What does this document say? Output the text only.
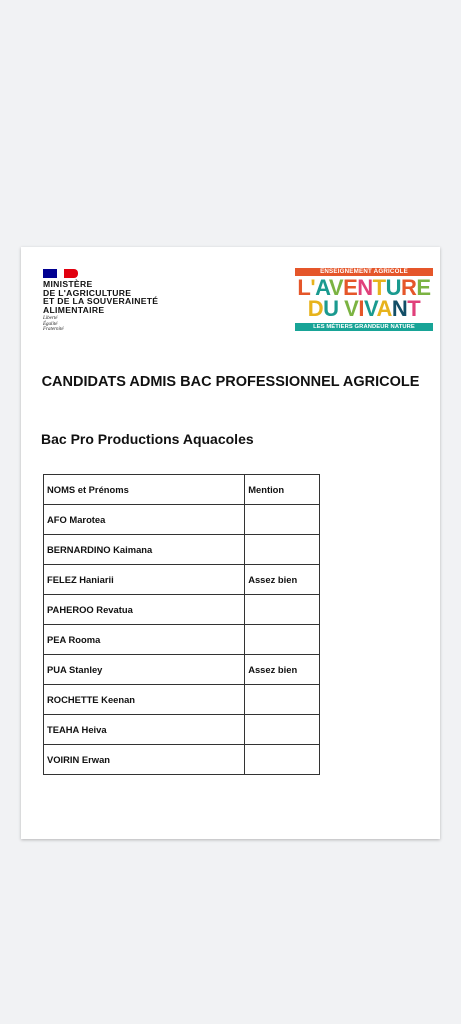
MINISTÈRE
DE L'AGRICULTURE
ET DE LA SOUVERAINETÉ
ALIMENTAIRE
Liberté
Égalité
Fraternité
ENSEIGNEMENT AGRICOLE
L'AVENTURE
DU VIVANT
LES MÉTIERS GRANDEUR NATURE
CANDIDATS ADMIS BAC PROFESSIONNEL AGRICOLE
Bac Pro Productions Aquacoles
NOMS et Prénoms	Mention
AFO Marotea	
BERNARDINO Kaimana	
FELEZ Haniarii	Assez bien
PAHEROO Revatua	
PEA Rooma	
PUA Stanley	Assez bien
ROCHETTE Keenan	
TEAHA Heiva	
VOIRIN Erwan	
